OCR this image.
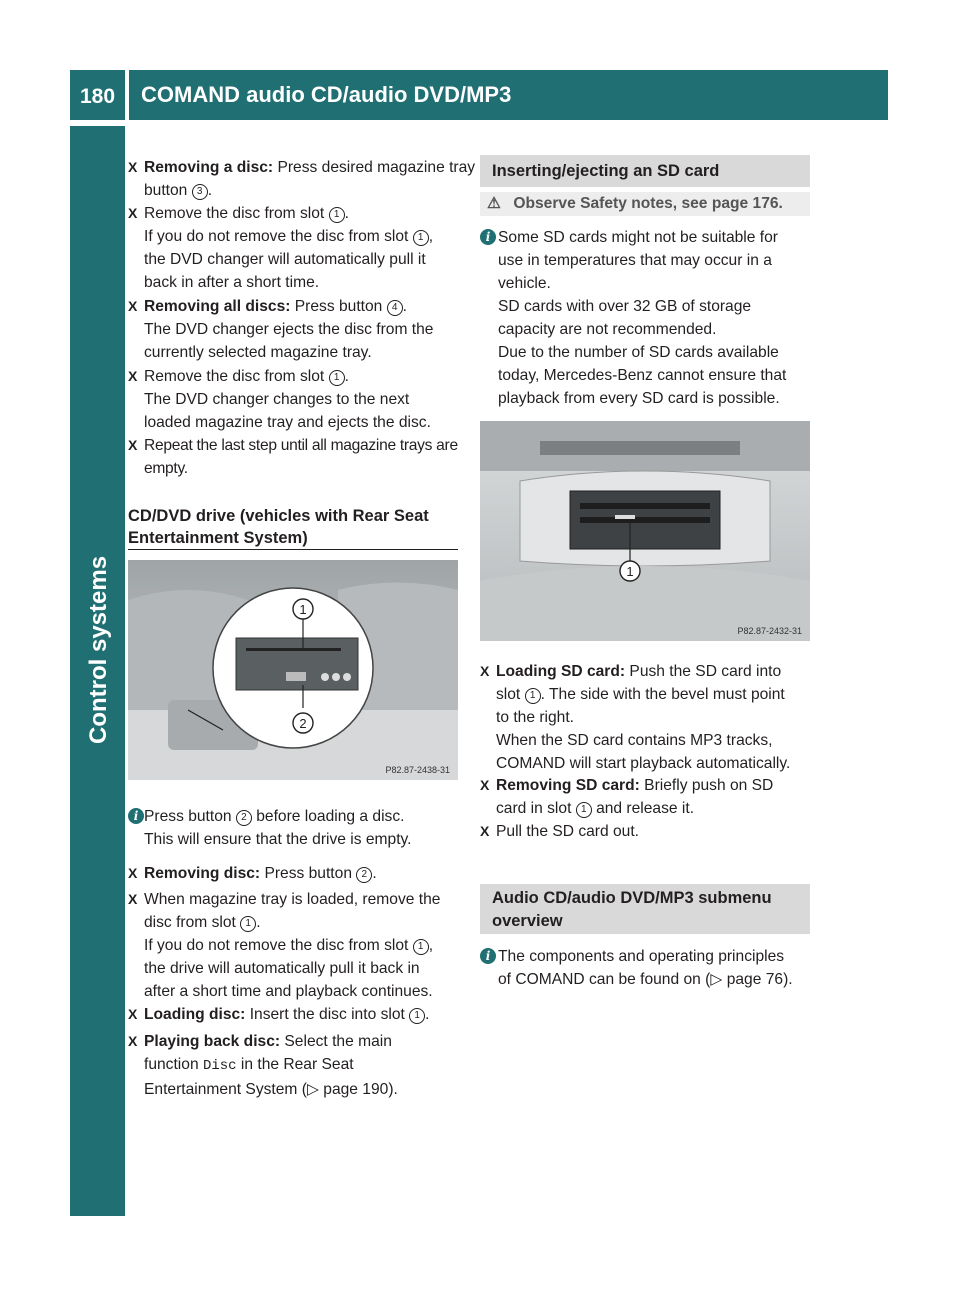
180	COMAND audio CD/audio DVD/MP3
Control systems
X Removing a disc: Press desired magazine tray button 3 .
X Remove the disc from slot 1 .
If you do not remove the disc from slot 1 ,
the DVD changer will automatically pull it
back in after a short time.
X Removing all discs: Press button 4 .
The DVD changer ejects the disc from the
currently selected magazine tray.
X Remove the disc from slot 1 .
The DVD changer changes to the next
loaded magazine tray and ejects the disc.
X Repeat the last step until all magazine trays are empty.
CD/DVD drive (vehicles with Rear Seat
Entertainment System)
1
2
P82.87-2438-31
i Press button 2 before loading a disc.
This will ensure that the drive is empty.
X Removing disc: Press button 2 .
X When magazine tray is loaded, remove the
disc from slot 1 .
If you do not remove the disc from slot 1 ,
the drive will automatically pull it back in
after a short time and playback continues.
X Loading disc: Insert the disc into slot 1 .
X Playing back disc: Select the main
function Disc in the Rear Seat
Entertainment System (▷ page 190).
Inserting/ejecting an SD card
⚠ Observe Safety notes, see page 176.
i Some SD cards might not be suitable for
use in temperatures that may occur in a
vehicle.
SD cards with over 32 GB of storage
capacity are not recommended.
Due to the number of SD cards available
today, Mercedes-Benz cannot ensure that
playback from every SD card is possible.
1
P82.87-2432-31
X Loading SD card: Push the SD card into
slot 1 . The side with the bevel must point
to the right.
When the SD card contains MP3 tracks,
COMAND will start playback automatically.
X Removing SD card: Briefly push on SD
card in slot 1 and release it.
X Pull the SD card out.
Audio CD/audio DVD/MP3 submenu
overview
i The components and operating principles
of COMAND can be found on (▷ page 76).
